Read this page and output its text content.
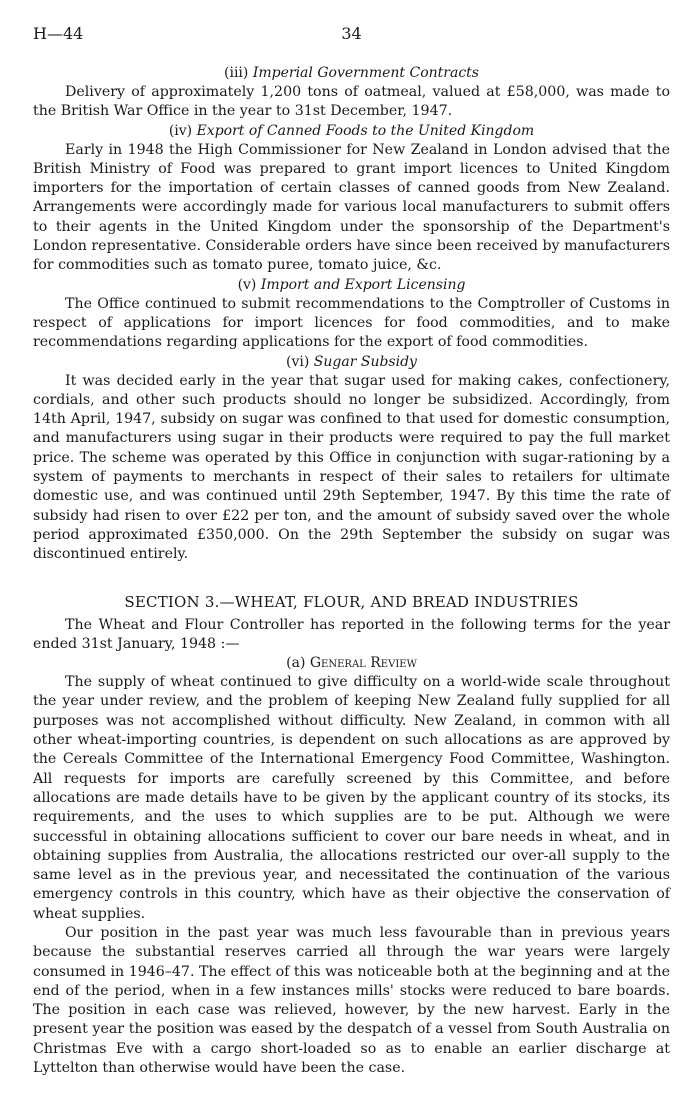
H—44	34

(iii) Imperial Government Contracts

Delivery of approximately 1,200 tons of oatmeal, valued at £58,000, was made to the British War Office in the year to 31st December, 1947.

(iv) Export of Canned Foods to the United Kingdom

Early in 1948 the High Commissioner for New Zealand in London advised that the British Ministry of Food was prepared to grant import licences to United Kingdom importers for the importation of certain classes of canned goods from New Zealand. Arrangements were accordingly made for various local manufacturers to submit offers to their agents in the United Kingdom under the sponsorship of the Department's London representative. Considerable orders have since been received by manufacturers for commodities such as tomato puree, tomato juice, &c.

(v) Import and Export Licensing

The Office continued to submit recommendations to the Comptroller of Customs in respect of applications for import licences for food commodities, and to make recommendations regarding applications for the export of food commodities.

(vi) Sugar Subsidy

It was decided early in the year that sugar used for making cakes, confectionery, cordials, and other such products should no longer be subsidized. Accordingly, from 14th April, 1947, subsidy on sugar was confined to that used for domestic consumption, and manufacturers using sugar in their products were required to pay the full market price. The scheme was operated by this Office in conjunction with sugar-rationing by a system of payments to merchants in respect of their sales to retailers for ultimate domestic use, and was continued until 29th September, 1947. By this time the rate of subsidy had risen to over £22 per ton, and the amount of subsidy saved over the whole period approximated £350,000. On the 29th September the subsidy on sugar was discontinued entirely.

SECTION 3.—WHEAT, FLOUR, AND BREAD INDUSTRIES

The Wheat and Flour Controller has reported in the following terms for the year ended 31st January, 1948 :—

(a) General Review

The supply of wheat continued to give difficulty on a world-wide scale throughout the year under review, and the problem of keeping New Zealand fully supplied for all purposes was not accomplished without difficulty. New Zealand, in common with all other wheat-importing countries, is dependent on such allocations as are approved by the Cereals Committee of the International Emergency Food Committee, Washington. All requests for imports are carefully screened by this Committee, and before allocations are made details have to be given by the applicant country of its stocks, its requirements, and the uses to which supplies are to be put. Although we were successful in obtaining allocations sufficient to cover our bare needs in wheat, and in obtaining supplies from Australia, the allocations restricted our over-all supply to the same level as in the previous year, and necessitated the continuation of the various emergency controls in this country, which have as their objective the conservation of wheat supplies.

Our position in the past year was much less favourable than in previous years because the substantial reserves carried all through the war years were largely consumed in 1946–47. The effect of this was noticeable both at the beginning and at the end of the period, when in a few instances mills' stocks were reduced to bare boards. The position in each case was relieved, however, by the new harvest. Early in the present year the position was eased by the despatch of a vessel from South Australia on Christmas Eve with a cargo short-loaded so as to enable an earlier discharge at Lyttelton than otherwise would have been the case.
